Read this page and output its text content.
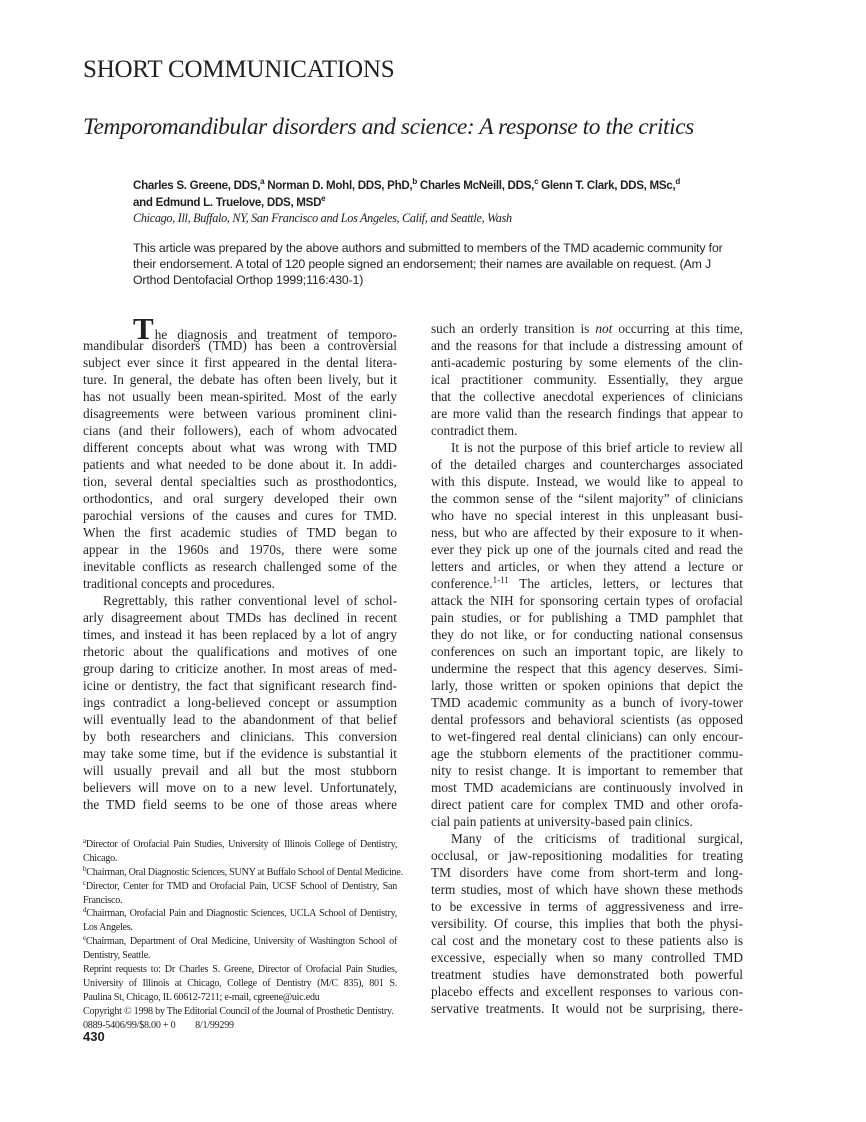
SHORT COMMUNICATIONS
Temporomandibular disorders and science: A response to the critics
Charles S. Greene, DDS,$^a$ Norman D. Mohl, DDS, PhD,$^b$ Charles McNeill, DDS,$^c$ Glenn T. Clark, DDS, MSc,$^d$
and Edmund L. Truelove, DDS, MSD$^e$
Chicago, Ill, Buffalo, NY, San Francisco and Los Angeles, Calif, and Seattle, Wash
This article was prepared by the above authors and submitted to members of the TMD academic community for their endorsement. A total of 120 people signed an endorsement; their names are available on request. (Am J Orthod Dentofacial Orthop 1999;116:430-1)
The diagnosis and treatment of temporo-
mandibular disorders (TMD) has been a controversial
subject ever since it first appeared in the dental litera-
ture. In general, the debate has often been lively, but it
has not usually been mean-spirited. Most of the early
disagreements were between various prominent clini-
cians (and their followers), each of whom advocated
different concepts about what was wrong with TMD
patients and what needed to be done about it. In addi-
tion, several dental specialties such as prosthodontics,
orthodontics, and oral surgery developed their own
parochial versions of the causes and cures for TMD.
When the first academic studies of TMD began to
appear in the 1960s and 1970s, there were some
inevitable conflicts as research challenged some of the
traditional concepts and procedures.
Regrettably, this rather conventional level of schol-
arly disagreement about TMDs has declined in recent
times, and instead it has been replaced by a lot of angry
rhetoric about the qualifications and motives of one
group daring to criticize another. In most areas of med-
icine or dentistry, the fact that significant research find-
ings contradict a long-believed concept or assumption
will eventually lead to the abandonment of that belief
by both researchers and clinicians. This conversion
may take some time, but if the evidence is substantial it
will usually prevail and all but the most stubborn
believers will move on to a new level. Unfortunately,
the TMD field seems to be one of those areas where
such an orderly transition is not occurring at this time,
and the reasons for that include a distressing amount of
anti-academic posturing by some elements of the clin-
ical practitioner community. Essentially, they argue
that the collective anecdotal experiences of clinicians
are more valid than the research findings that appear to
contradict them.
It is not the purpose of this brief article to review all
of the detailed charges and countercharges associated
with this dispute. Instead, we would like to appeal to
the common sense of the “silent majority” of clinicians
who have no special interest in this unpleasant busi-
ness, but who are affected by their exposure to it when-
ever they pick up one of the journals cited and read the
letters and articles, or when they attend a lecture or
conference.$^{1-11}$ The articles, letters, or lectures that
attack the NIH for sponsoring certain types of orofacial
pain studies, or for publishing a TMD pamphlet that
they do not like, or for conducting national consensus
conferences on such an important topic, are likely to
undermine the respect that this agency deserves. Simi-
larly, those written or spoken opinions that depict the
TMD academic community as a bunch of ivory-tower
dental professors and behavioral scientists (as opposed
to wet-fingered real dental clinicians) can only encour-
age the stubborn elements of the practitioner commu-
nity to resist change. It is important to remember that
most TMD academicians are continuously involved in
direct patient care for complex TMD and other orofa-
cial pain patients at university-based pain clinics.
Many of the criticisms of traditional surgical,
occlusal, or jaw-repositioning modalities for treating
TM disorders have come from short-term and long-
term studies, most of which have shown these methods
to be excessive in terms of aggressiveness and irre-
versibility. Of course, this implies that both the physi-
cal cost and the monetary cost to these patients also is
excessive, especially when so many controlled TMD
treatment studies have demonstrated both powerful
placebo effects and excellent responses to various con-
servative treatments. It would not be surprising, there-
$^a$Director of Orofacial Pain Studies, University of Illinois College of Dentistry,
Chicago.
$^b$Chairman, Oral Diagnostic Sciences, SUNY at Buffalo School of Dental Medicine.
$^c$Director, Center for TMD and Orofacial Pain, UCSF School of Dentistry, San
Francisco.
$^d$Chairman, Orofacial Pain and Diagnostic Sciences, UCLA School of Dentistry,
Los Angeles.
$^e$Chairman, Department of Oral Medicine, University of Washington School of
Dentistry, Seattle.
Reprint requests to: Dr Charles S. Greene, Director of Orofacial Pain Studies,
University of Illinois at Chicago, College of Dentistry (M/C 835), 801 S.
Paulina St, Chicago, IL 60612-7211; e-mail, cgreene@uic.edu
Copyright © 1998 by The Editorial Council of the Journal of Prosthetic Dentistry.
0889-5406/99/$8.00 + 0  8/1/99299
430
